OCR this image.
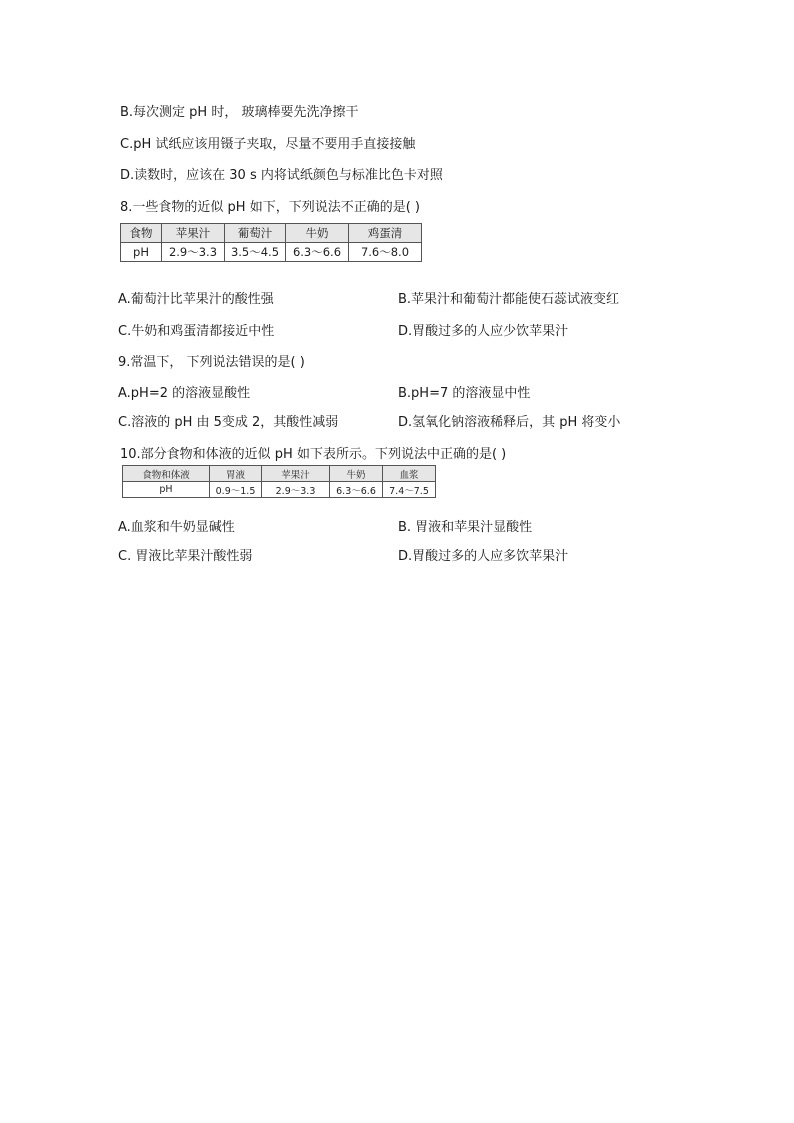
B.每次测定 pH 时， 玻璃棒要先洗净擦干
C.pH 试纸应该用镊子夹取，尽量不要用手直接接触
D.读数时，应该在 30 s 内将试纸颜色与标准比色卡对照
8.一些食物的近似 pH 如下，下列说法不正确的是( )
食物	苹果汁	葡萄汁	牛奶	鸡蛋清
pH	2.9～3.3	3.5～4.5	6.3～6.6	7.6～8.0
A.葡萄汁比苹果汁的酸性强	B.苹果汁和葡萄汁都能使石蕊试液变红
C.牛奶和鸡蛋清都接近中性	D.胃酸过多的人应少饮苹果汁
9.常温下， 下列说法错误的是( )
A.pH=2 的溶液显酸性	B.pH=7 的溶液显中性
C.溶液的 pH 由 5变成 2，其酸性减弱	D.氢氧化钠溶液稀释后，其 pH 将变小
10.部分食物和体液的近似 pH 如下表所示。下列说法中正确的是( )
食物和体液	胃液	苹果汁	牛奶	血浆
pH	0.9～1.5	2.9～3.3	6.3～6.6	7.4～7.5
A.血浆和牛奶显碱性	B. 胃液和苹果汁显酸性
C. 胃液比苹果汁酸性弱	D.胃酸过多的人应多饮苹果汁
